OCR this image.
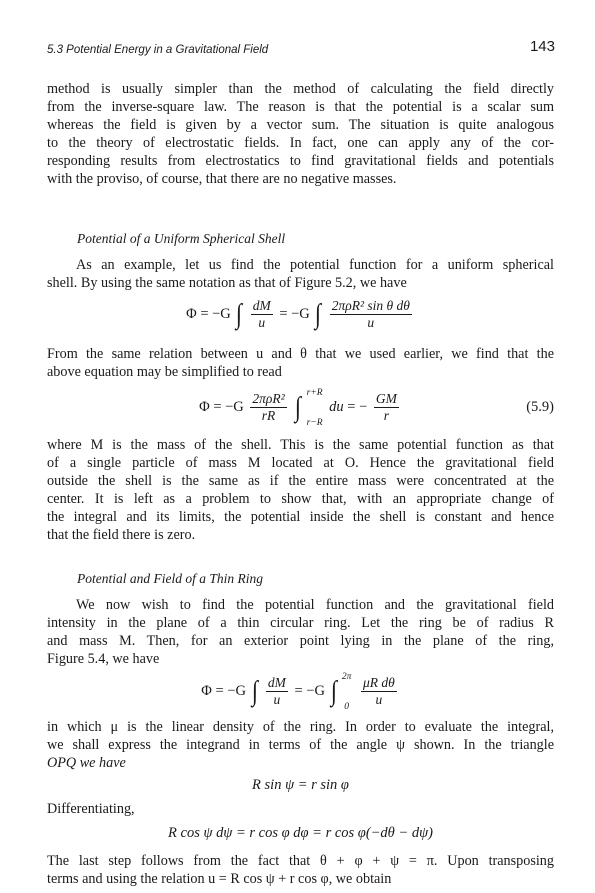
5.3 Potential Energy in a Gravitational Field	143

method is usually simpler than the method of calculating the field directly
from the inverse-square law. The reason is that the potential is a scalar sum
whereas the field is given by a vector sum. The situation is quite analogous
to the theory of electrostatic fields. In fact, one can apply any of the cor-
responding results from electrostatics to find gravitational fields and potentials
with the proviso, of course, that there are no negative masses.

Potential of a Uniform Spherical Shell

As an example, let us find the potential function for a uniform spherical
shell. By using the same notation as that of Figure 5.2, we have

Φ = −G ∫ $\frac{dM}{u} = -G$ ∫ $\frac{\text{2πρR² sin θ dθ}}{u}$

From the same relation between u and θ that we used earlier, we find that the
above equation may be simplified to read

$\Phi = -G \frac{\text{2πρR²}}{rR}$ ∫ r+R
r−R
du = − $\frac{GM}{r}$	(5.9)

where M is the mass of the shell. This is the same potential function as that
of a single particle of mass M located at O. Hence the gravitational field
outside the shell is the same as if the entire mass were concentrated at the
center. It is left as a problem to show that, with an appropriate change of
the integral and its limits, the potential inside the shell is constant and hence
that the field there is zero.

Potential and Field of a Thin Ring

We now wish to find the potential function and the gravitational field
intensity in the plane of a thin circular ring. Let the ring be of radius R
and mass M. Then, for an exterior point lying in the plane of the ring,
Figure 5.4, we have

Φ = −G ∫ $\frac{dM}{u} = -G$ ∫ 2π
0
$\frac{\text{μR dθ}}{u}$

in which μ is the linear density of the ring. In order to evaluate the integral,
we shall express the integrand in terms of the angle ψ shown. In the triangle
OPQ we have

R sin ψ = r sin φ

Differentiating,

R cos ψ dψ = r cos φ dφ = r cos φ(−dθ − dψ)

The last step follows from the fact that θ + φ + ψ = π. Upon transposing
terms and using the relation u = R cos ψ + r cos φ, we obtain
